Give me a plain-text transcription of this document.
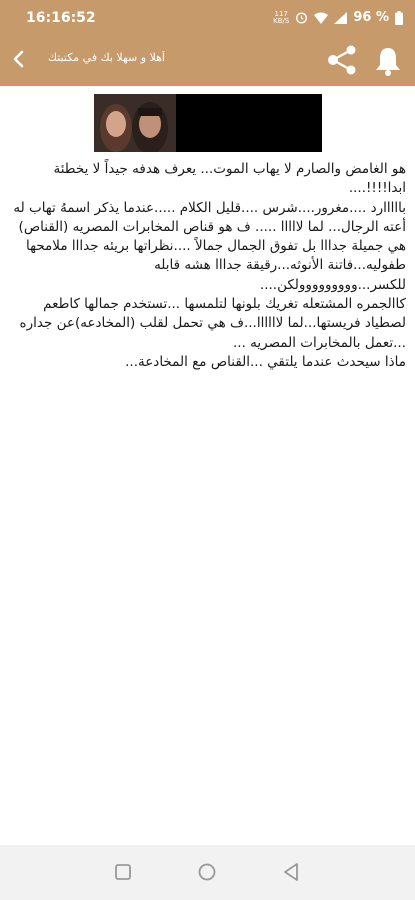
16:16:52	117
KB/S	96 %
أهلا و سهلا بك في مكتبتك

هو الغامض والصارم لا يهاب الموت... يعرف هدفه جيداً لا يخطئة ابدا!!!!....
بااااارد ....مغرور....شرس ....قليل الكلام .....عندما يذكر اسمهُ تهاب له أعته الرجال... لما لااااا ..... ف هو قناص المخابرات المصريه (القناص)
هي جميلة جدااا بل تفوق الجمال جمالاً ....نظراتها بريئه جدااا ملامحها طفوليه...فاتنة الأنوثه...رقيقة جدااا هشه قابله للكسر...ووووووووولكن....
كاالجمره المشتعله تغريك بلونها لتلمسها ...تستخدم جمالها كاطعم لصطياد فريستها...لما لاااااا...ف هي تحمل لقلب (المخادعه)عن جداره ...تعمل بالمخابرات المصريه ...
ماذا سيحدث عندما يلتقي ...القناص مع المخادعة...
